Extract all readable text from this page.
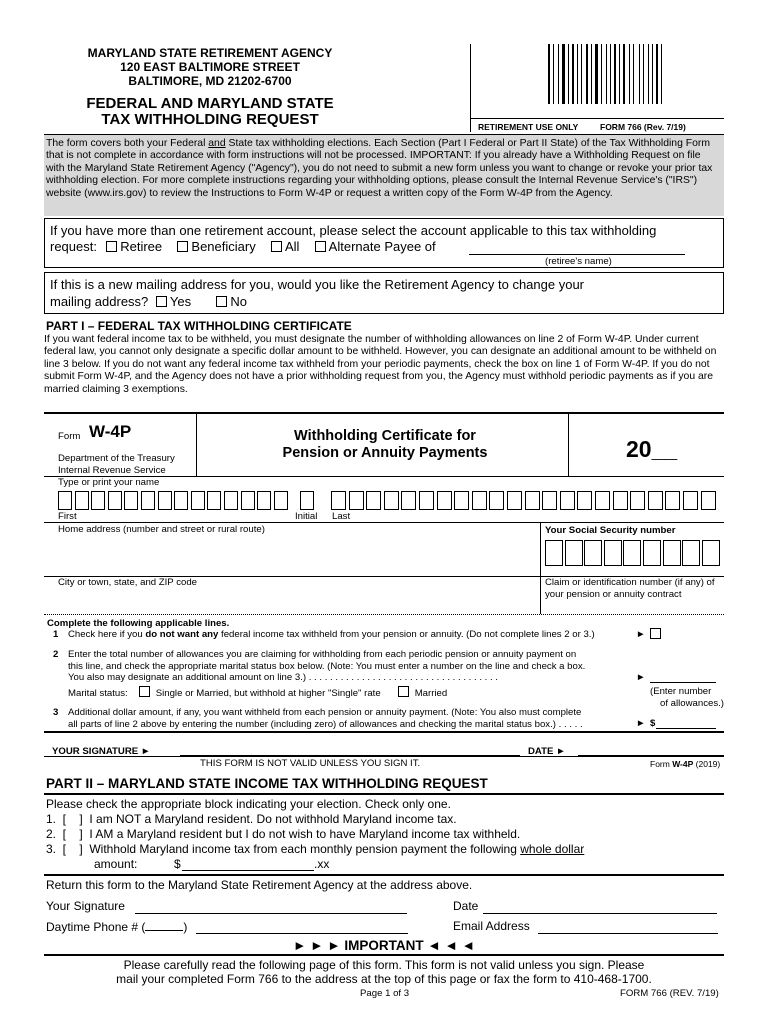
MARYLAND STATE RETIREMENT AGENCY
120 EAST BALTIMORE STREET
BALTIMORE, MD 21202-6700
FEDERAL AND MARYLAND STATE
TAX WITHHOLDING REQUEST	RETIREMENT USE ONLY	FORM 766 (Rev. 7/19)
The form covers both your Federal and State tax withholding elections. Each Section (Part I Federal or Part II State) of the Tax Withholding Form that is not complete in accordance with form instructions will not be processed. IMPORTANT: If you already have a Withholding Request on file with the Maryland State Retirement Agency ("Agency"), you do not need to submit a new form unless you want to change or revoke your prior tax withholding election. For more complete instructions regarding your withholding options, please consult the Internal Revenue Service's ("IRS") website (www.irs.gov) to review the Instructions to Form W-4P or request a written copy of the Form W-4P from the Agency.
If you have more than one retirement account, please select the account applicable to this tax withholding
request: Retiree Beneficiary All Alternate Payee of
(retiree's name)
If this is a new mailing address for you, would you like the Retirement Agency to change your
mailing address? Yes	No
PART I – FEDERAL TAX WITHHOLDING CERTIFICATE
If you want federal income tax to be withheld, you must designate the number of withholding allowances on line 2 of Form W-4P. Under current federal law, you cannot only designate a specific dollar amount to be withheld. However, you can designate an additional amount to be withheld on line 3 below. If you do not want any federal income tax withheld from your periodic payments, check the box on line 1 of Form W-4P. If you do not submit Form W-4P, and the Agency does not have a prior withholding request from you, the Agency must withhold periodic payments as if you are married claiming 3 exemptions.
Form W-4P
Department of the Treasury
Internal Revenue Service
Withholding Certificate for
Pension or Annuity Payments	20__
Type or print your name
First	Initial Last
Home address (number and street or rural route)	Your Social Security number
City or town, state, and ZIP code	Claim or identification number (if any) of
your pension or annuity contract
Complete the following applicable lines.
1 Check here if you do not want any federal income tax withheld from your pension or annuity. (Do not complete lines 2 or 3.)	►
2 Enter the total number of allowances you are claiming for withholding from each periodic pension or annuity payment on
this line, and check the appropriate marital status box below. (Note: You must enter a number on the line and check a box.
You also may designate an additional amount on line 3.) . . . . . . . . . . . . . . . . . . . . . . . . . . . . . . . . . . . .	►
Marital status:	Single or Married, but withhold at higher "Single" rate	Married	(Enter number
of allowances.)
3 Additional dollar amount, if any, you want withheld from each pension or annuity payment. (Note: You also must complete
all parts of line 2 above by entering the number (including zero) of allowances and checking the marital status box.) . . . . .	► $
YOUR SIGNATURE ►	DATE ►
THIS FORM IS NOT VALID UNLESS YOU SIGN IT.	Form W-4P (2019)
PART II – MARYLAND STATE INCOME TAX WITHHOLDING REQUEST
Please check the appropriate block indicating your election. Check only one.
1.  [    ]  I am NOT a Maryland resident. Do not withhold Maryland income tax.
2.  [    ]  I AM a Maryland resident but I do not wish to have Maryland income tax withheld.
3.  [    ]  Withhold Maryland income tax from each monthly pension payment the following whole dollar
amount:	$	.xx
Return this form to the Maryland State Retirement Agency at the address above.
Your Signature	Date
Daytime Phone # (	)	Email Address
► ► ► IMPORTANT ◄ ◄ ◄
Please carefully read the following page of this form. This form is not valid unless you sign. Please
mail your completed Form 766 to the address at the top of this page or fax the form to 410-468-1700.
Page 1 of 3	FORM 766 (REV. 7/19)
